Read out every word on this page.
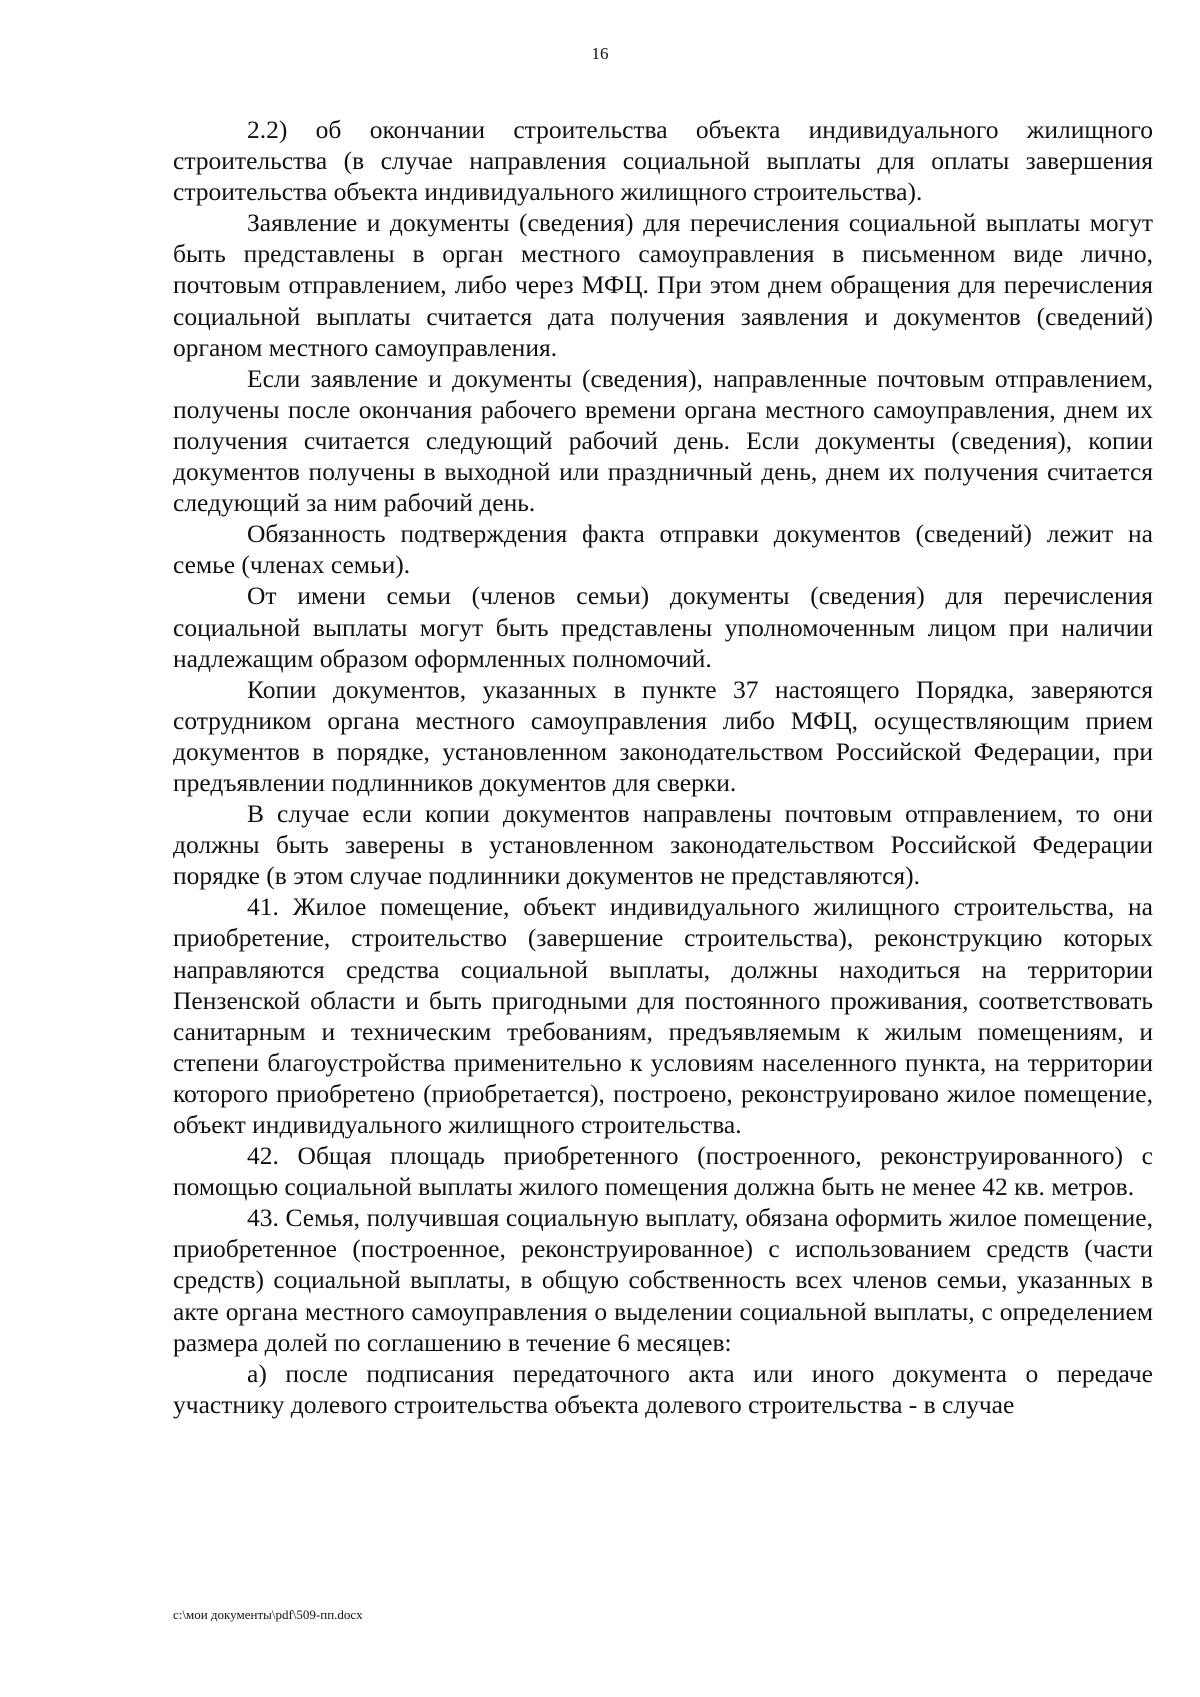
16

2.2) об окончании строительства объекта индивидуального жилищного строительства (в случае направления социальной выплаты для оплаты завершения строительства объекта индивидуального жилищного строительства).

Заявление и документы (сведения) для перечисления социальной выплаты могут быть представлены в орган местного самоуправления в письменном виде лично, почтовым отправлением, либо через МФЦ. При этом днем обращения для перечисления социальной выплаты считается дата получения заявления и документов (сведений) органом местного самоуправления.

Если заявление и документы (сведения), направленные почтовым отправлением, получены после окончания рабочего времени органа местного самоуправления, днем их получения считается следующий рабочий день. Если документы (сведения), копии документов получены в выходной или праздничный день, днем их получения считается следующий за ним рабочий день.

Обязанность подтверждения факта отправки документов (сведений) лежит на семье (членах семьи).

От имени семьи (членов семьи) документы (сведения) для перечисления социальной выплаты могут быть представлены уполномоченным лицом при наличии надлежащим образом оформленных полномочий.

Копии документов, указанных в пункте 37 настоящего Порядка, заверяются сотрудником органа местного самоуправления либо МФЦ, осуществляющим прием документов в порядке, установленном законодательством Российской Федерации, при предъявлении подлинников документов для сверки.

В случае если копии документов направлены почтовым отправлением, то они должны быть заверены в установленном законодательством Российской Федерации порядке (в этом случае подлинники документов не представляются).

41. Жилое помещение, объект индивидуального жилищного строительства, на приобретение, строительство (завершение строительства), реконструкцию которых направляются средства социальной выплаты, должны находиться на территории Пензенской области и быть пригодными для постоянного проживания, соответствовать санитарным и техническим требованиям, предъявляемым к жилым помещениям, и степени благоустройства применительно к условиям населенного пункта, на территории которого приобретено (приобретается), построено, реконструировано жилое помещение, объект индивидуального жилищного строительства.

42. Общая площадь приобретенного (построенного, реконструированного) с помощью социальной выплаты жилого помещения должна быть не менее 42 кв. метров.

43. Семья, получившая социальную выплату, обязана оформить жилое помещение, приобретенное (построенное, реконструированное) с использованием средств (части средств) социальной выплаты, в общую собственность всех членов семьи, указанных в акте органа местного самоуправления о выделении социальной выплаты, с определением размера долей по соглашению в течение 6 месяцев:

а) после подписания передаточного акта или иного документа о передаче участнику долевого строительства объекта долевого строительства - в случае

c:\мои документы\pdf\509-пп.docx
